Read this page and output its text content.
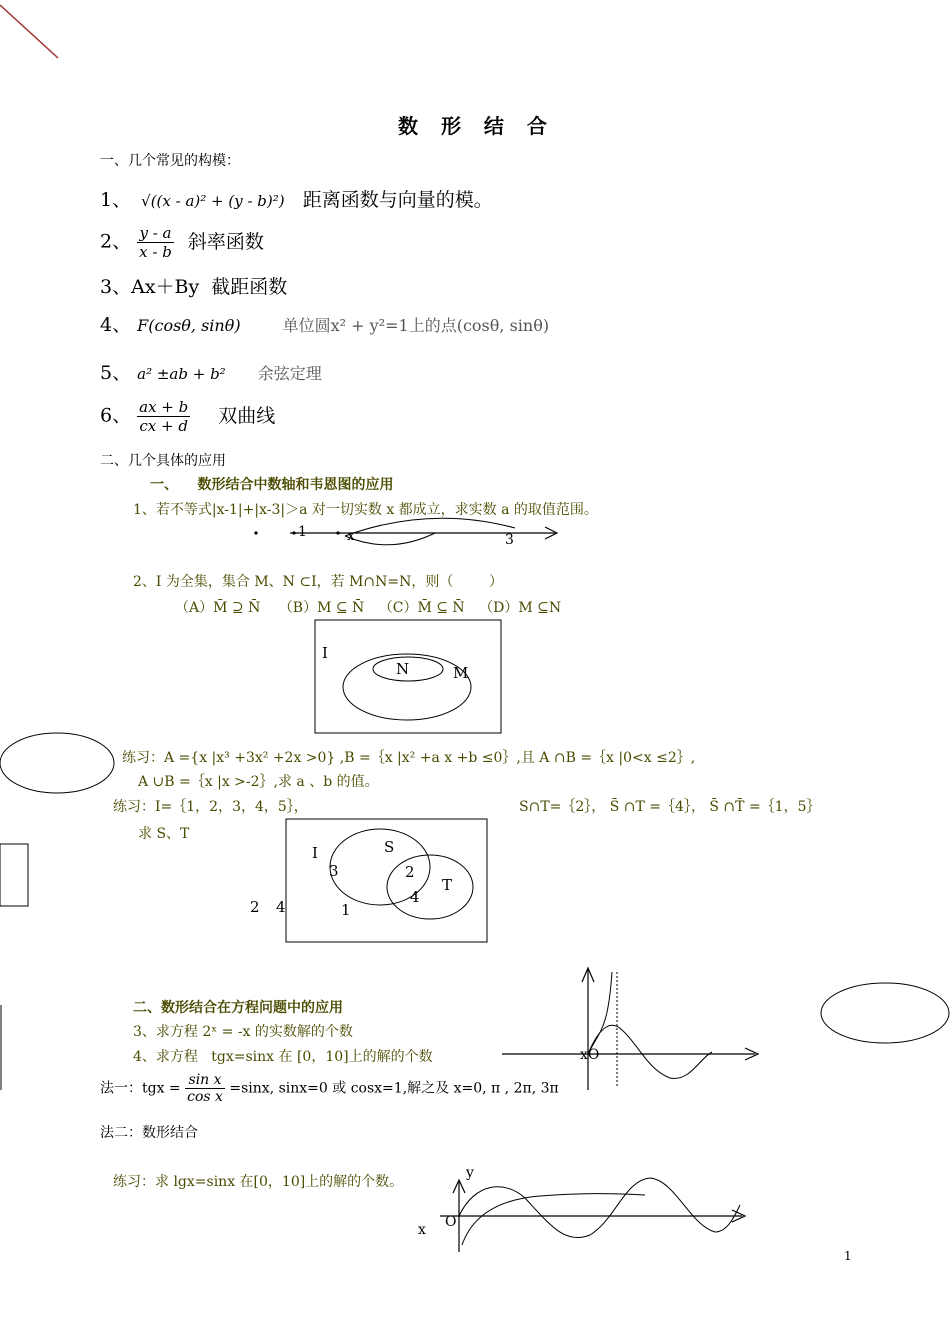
数 形 结 合
一、几个常见的构模：
1、 √((x - a)² + (y - b)²) 距离函数与向量的模。
2、 $\frac{y - a}{x - b}$ 斜率函数
3、Ax＋By 截距函数
4、 F(cosθ, sinθ)	单位圆x² + y²=1上的点(cosθ, sinθ)
5、 a² ±ab + b² 余弦定理
6、 $\frac{ax + b}{cx + d}$ 双曲线
二、几个具体的应用
一、    数形结合中数轴和韦恩图的应用
1、若不等式|x-1|+|x-3|＞a 对一切实数 x 都成立，求实数 a 的取值范围。
1	x	3
2、I 为全集，集合 M、N ⊂I，若 M∩N=N，则（        ）
（A）M̄ ⊇ N̄ （B）M ⊆ N̄ （C）M̄ ⊆ N̄ （D）M ⊆N
I
N	M
练习：A ={x |x³ +3x² +2x >0} ,B =｛x |x² +a x +b ≤0｝,且 A ∩B =｛x |0<x ≤2｝,
A ∪B =｛x |x >-2｝,求 a 、b 的值。
练习：I=｛1，2，3，4，5｝，	S∩T=｛2｝， S̄ ∩T =｛4｝， S̄ ∩T̄ =｛1，5｝
求 S、T
I	S
3	2
T
4
1
2 4
二、数形结合在方程问题中的应用
3、求方程 2ˣ = -x 的实数解的个数
4、求方程   tgx=sinx 在 [0，10]上的解的个数	xO
法一：tgx = $\frac{\text{sin x}}{\text{cos x}} =\sin x$, sinx=0 或 cosx=1,解之及 x=0, π , 2π, 3π
法二：数形结合
练习：求 lgx=sinx 在[0，10]上的解的个数。
y
O
x
1
